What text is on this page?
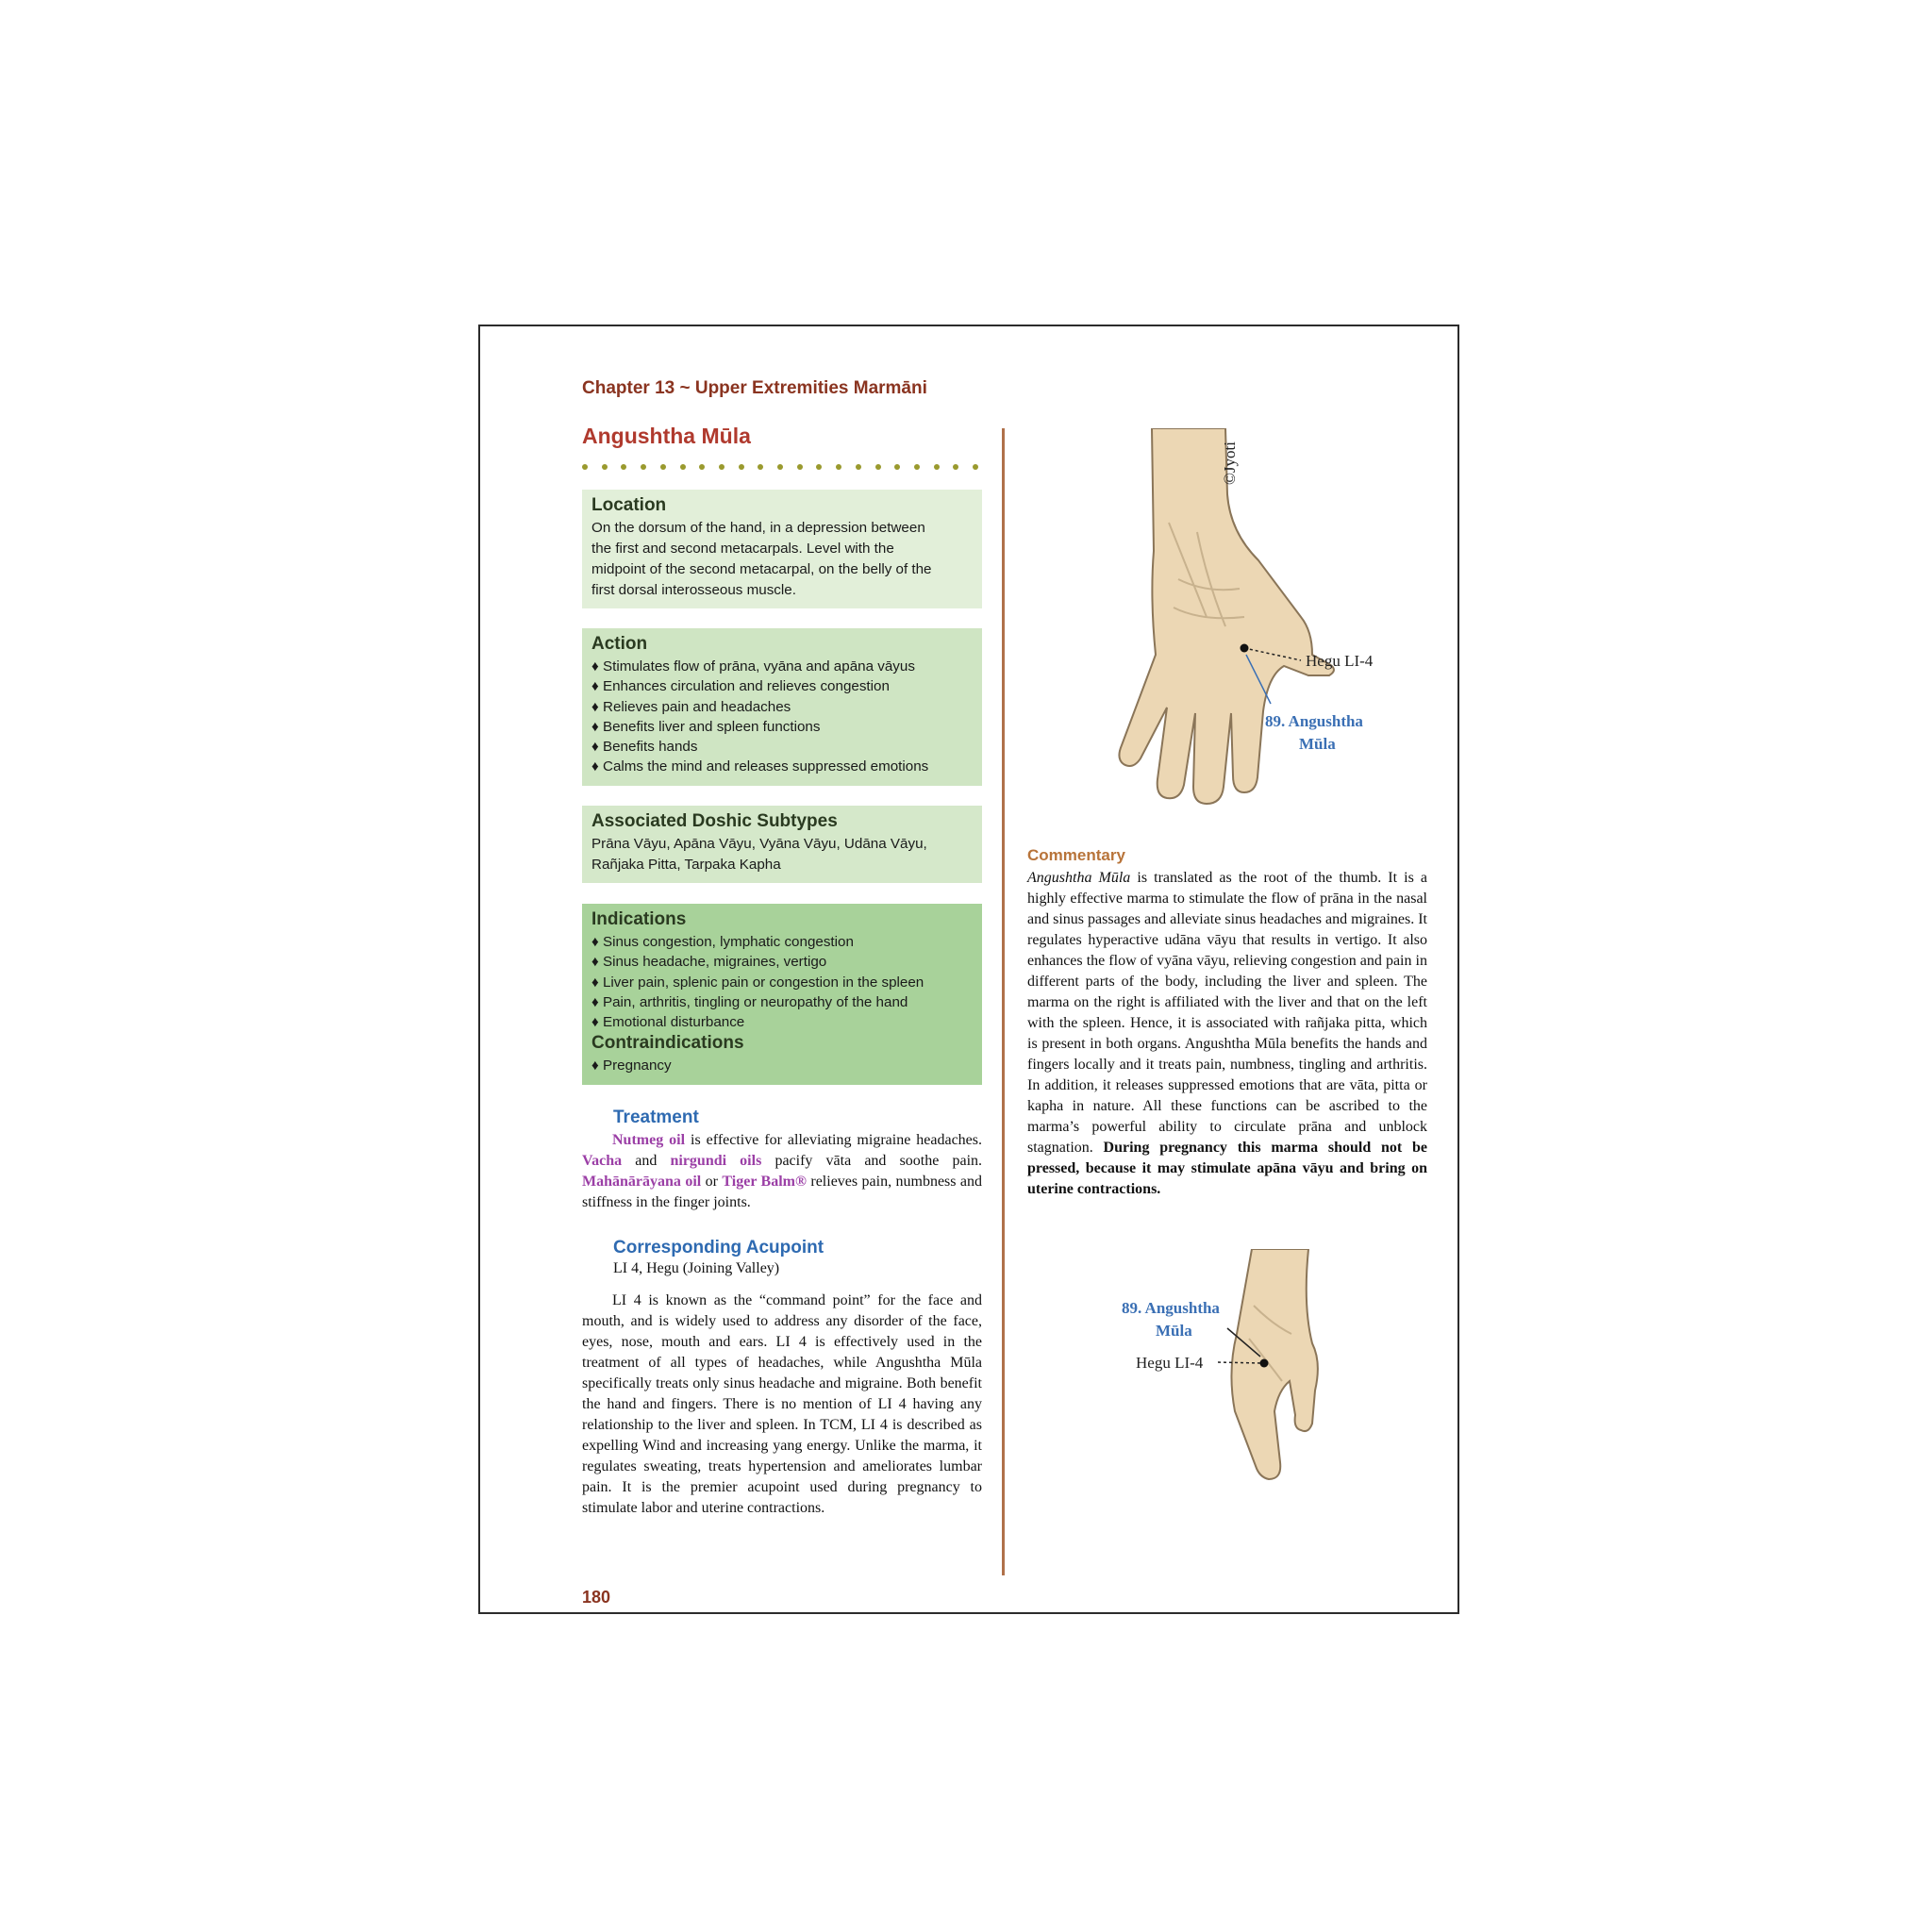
Chapter 13 ~ Upper Extremities Marmāni
Angushtha Mūla
Location

On the dorsum of the hand, in a depression between
the first and second metacarpals. Level with the
midpoint of the second metacarpal, on the belly of the
first dorsal interosseous muscle.

Action
♦ Stimulates flow of prāna, vyāna and apāna vāyus
♦ Enhances circulation and relieves congestion
♦ Relieves pain and headaches
♦ Benefits liver and spleen functions
♦ Benefits hands
♦ Calms the mind and releases suppressed emotions
Associated Doshic Subtypes

Prāna Vāyu, Apāna Vāyu, Vyāna Vāyu, Udāna Vāyu,
Rañjaka Pitta, Tarpaka Kapha

Indications
♦ Sinus congestion, lymphatic congestion
♦ Sinus headache, migraines, vertigo
♦ Liver pain, splenic pain or congestion in the spleen
♦ Pain, arthritis, tingling or neuropathy of the hand
♦ Emotional disturbance
Contraindications
♦ Pregnancy
Treatment
Nutmeg oil is effective for alleviating migraine headaches. Vacha and nirgundi oils pacify vāta and soothe pain. Mahānārāyana oil or Tiger Balm® relieves pain, numbness and stiffness in the finger joints.
Corresponding Acupoint
LI 4, Hegu (Joining Valley)
LI 4 is known as the “command point” for the face and mouth, and is widely used to address any disorder of the face, eyes, nose, mouth and ears. LI 4 is effectively used in the treatment of all types of headaches, while Angushtha Mūla specifically treats only sinus headache and migraine. Both benefit the hand and fingers. There is no mention of LI 4 having any relationship to the liver and spleen. In TCM, LI 4 is described as expelling Wind and increasing yang energy. Unlike the marma, it regulates sweating, treats hypertension and ameliorates lumbar pain. It is the premier acupoint used during pregnancy to stimulate labor and uterine contractions.
©Jyoti
Hegu LI-4
89. Angushtha
Mūla
Commentary
Angushtha Mūla is translated as the root of the thumb. It is a highly effective marma to stimulate the flow of prāna in the nasal and sinus passages and alleviate sinus headaches and migraines. It regulates hyperactive udāna vāyu that results in vertigo. It also enhances the flow of vyāna vāyu, relieving congestion and pain in different parts of the body, including the liver and spleen. The marma on the right is affiliated with the liver and that on the left with the spleen. Hence, it is associated with rañjaka pitta, which is present in both organs. Angushtha Mūla benefits the hands and fingers locally and it treats pain, numbness, tingling and arthritis. In addition, it releases suppressed emotions that are vāta, pitta or kapha in nature. All these functions can be ascribed to the marma’s powerful ability to circulate prāna and unblock stagnation. During pregnancy this marma should not be pressed, because it may stimulate apāna vāyu and bring on uterine contractions.
Hegu LI-4
89. Angushtha
Mūla
180
